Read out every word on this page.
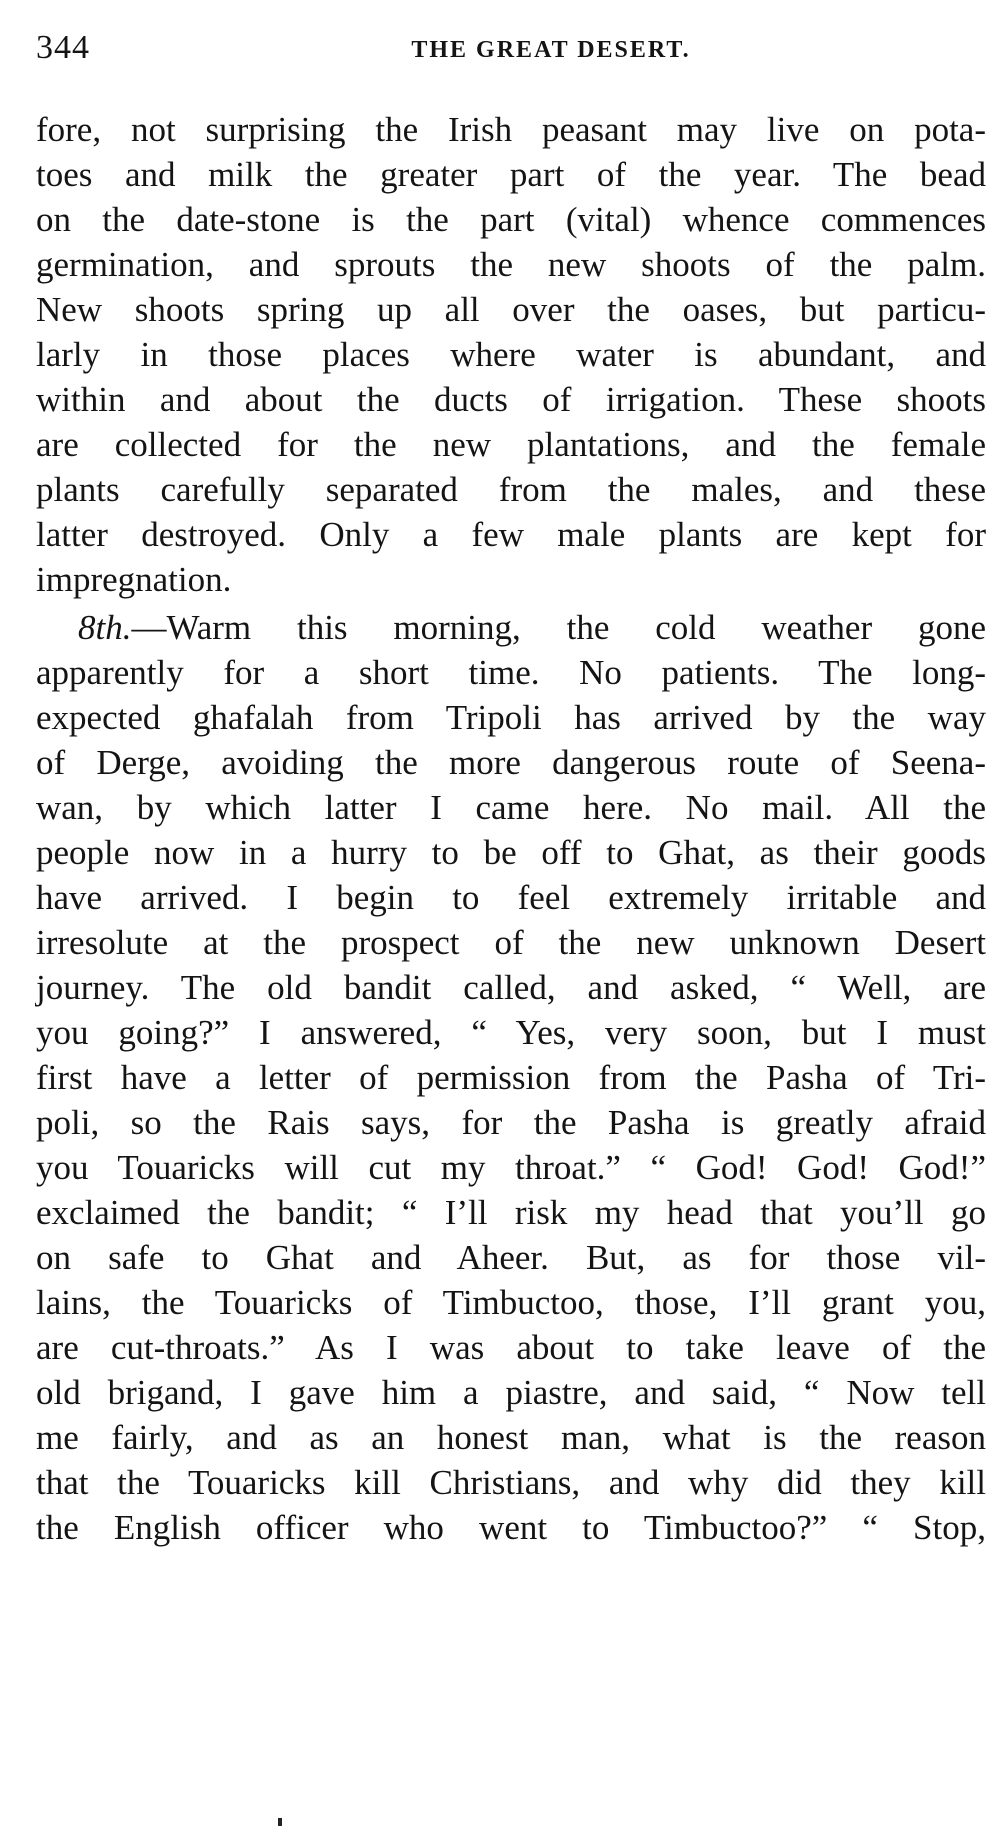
344	THE GREAT DESERT.
fore, not surprising the Irish peasant may live on pota-
toes and milk the greater part of the year. The bead
on the date-stone is the part (vital) whence commences
germination, and sprouts the new shoots of the palm.
New shoots spring up all over the oases, but particu-
larly in those places where water is abundant, and
within and about the ducts of irrigation. These shoots
are collected for the new plantations, and the female
plants carefully separated from the males, and these
latter destroyed. Only a few male plants are kept for
impregnation.
8th.—Warm this morning, the cold weather gone
apparently for a short time. No patients. The long-
expected ghafalah from Tripoli has arrived by the way
of Derge, avoiding the more dangerous route of Seena-
wan, by which latter I came here. No mail. All the
people now in a hurry to be off to Ghat, as their goods
have arrived. I begin to feel extremely irritable and
irresolute at the prospect of the new unknown Desert
journey. The old bandit called, and asked, “ Well, are
you going?” I answered, “ Yes, very soon, but I must
first have a letter of permission from the Pasha of Tri-
poli, so the Rais says, for the Pasha is greatly afraid
you Touaricks will cut my throat.” “ God! God! God!”
exclaimed the bandit; “ I’ll risk my head that you’ll go
on safe to Ghat and Aheer. But, as for those vil-
lains, the Touaricks of Timbuctoo, those, I’ll grant you,
are cut-throats.” As I was about to take leave of the
old brigand, I gave him a piastre, and said, “ Now tell
me fairly, and as an honest man, what is the reason
that the Touaricks kill Christians, and why did they kill
the English officer who went to Timbuctoo?” “ Stop,
